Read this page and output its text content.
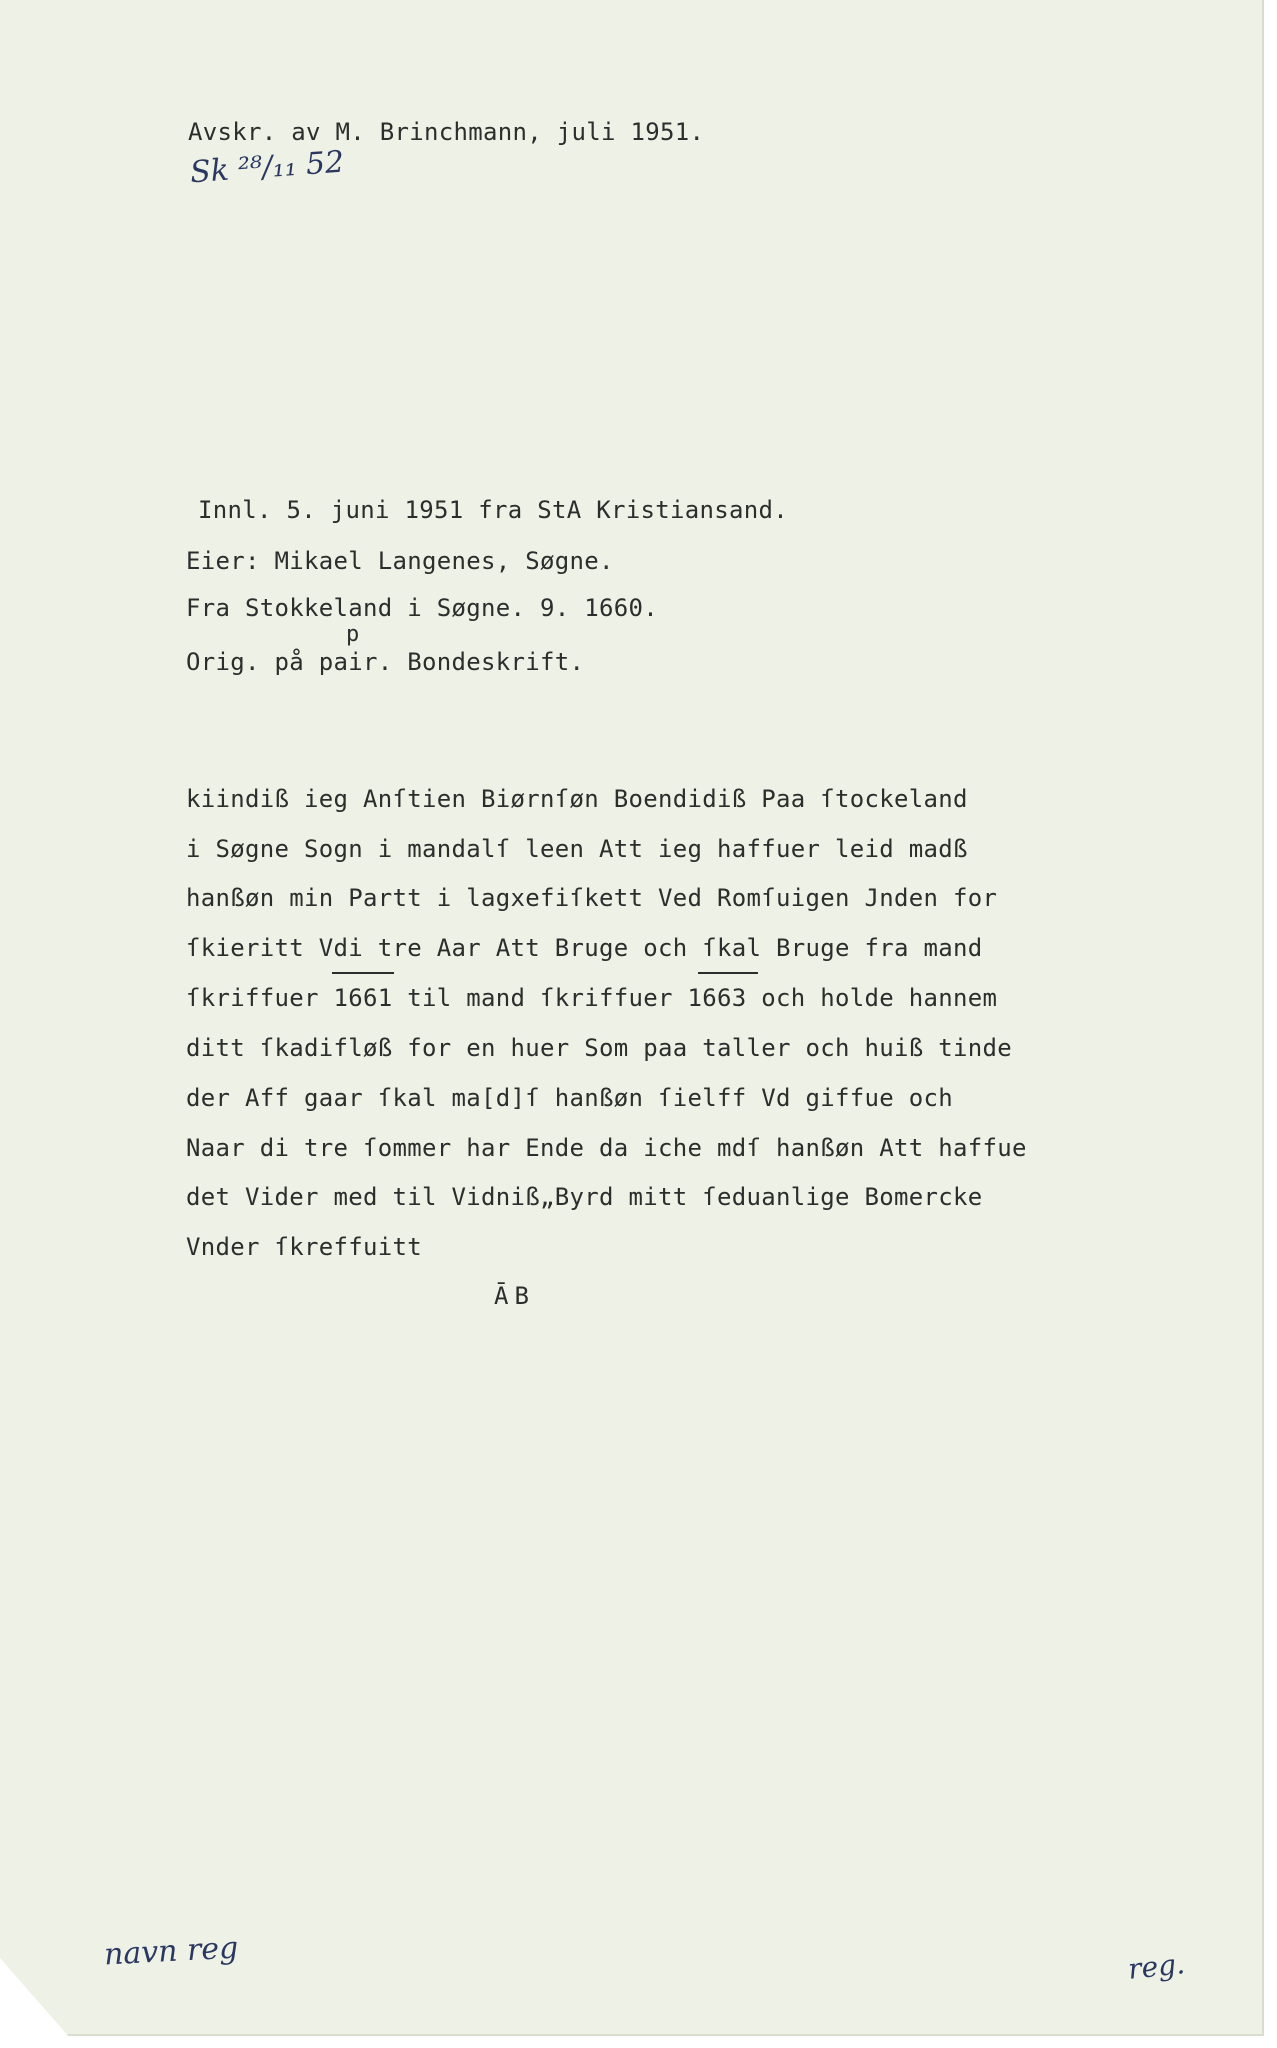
Avskr. av M. Brinchmann, juli 1951.
Sk ²⁸/₁₁ 52
Innl. 5. juni 1951 fra StA Kristiansand.
Eier: Mikael Langenes, Søgne.
Fra Stokkeland i Søgne. 9. 1660.
p
Orig. på pair. Bondeskrift.
kiindiß ieg Anſtien Biørnſøn Boendidiß Paa ſtockeland
i Søgne Sogn i mandalſ leen Att ieg haffuer leid madß
hanßøn min Partt i lagxefiſkett Ved Romſuigen Jnden for
ſkieritt Vdi tre Aar Att Bruge och ſkal Bruge fra mand
ſkriffuer 1661 til mand ſkriffuer 1663 och holde hannem
ditt ſkadifløß for en huer Som paa taller och huiß tinde
der Aff gaar ſkal ma[d]ſ hanßøn ſielff Vd giffue och
Naar di tre ſommer har Ende da iche mdſ hanßøn Att haffue
det Vider med til Vidniß„Byrd mitt ſeduanlige Bomercke
Vnder ſkreffuitt
ĀB
navn reg	reg.
